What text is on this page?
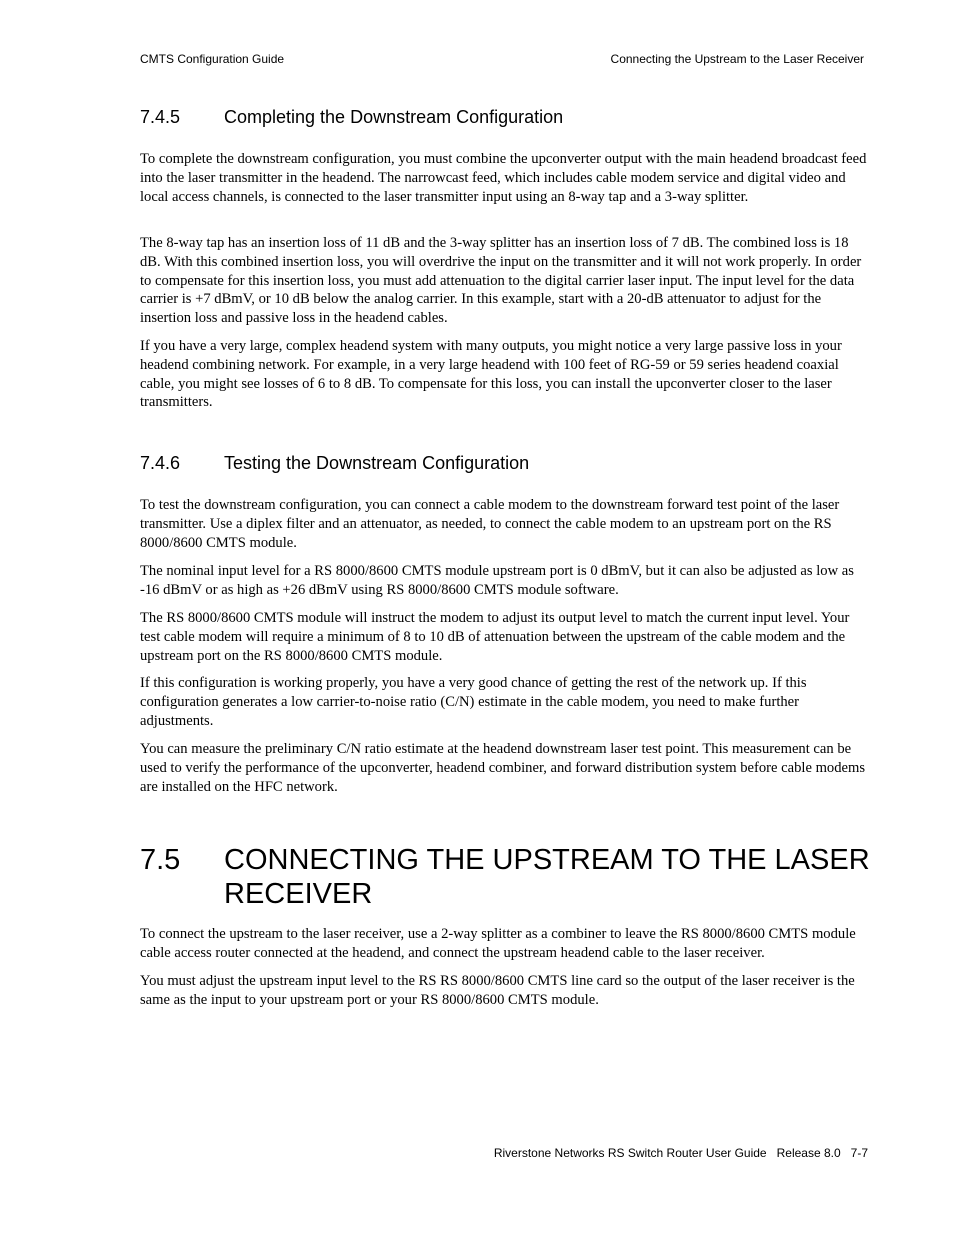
CMTS Configuration Guide	Connecting the Upstream to the Laser Receiver
7.4.5	Completing the Downstream Configuration

To complete the downstream configuration, you must combine the upconverter output with the main headend broadcast feed into the laser transmitter in the headend. The narrowcast feed, which includes cable modem service and digital video and local access channels, is connected to the laser transmitter input using an 8-way tap and a 3-way splitter.

The 8-way tap has an insertion loss of 11 dB and the 3-way splitter has an insertion loss of 7 dB. The combined loss is 18 dB. With this combined insertion loss, you will overdrive the input on the transmitter and it will not work properly. In order to compensate for this insertion loss, you must add attenuation to the digital carrier laser input. The input level for the data carrier is +7 dBmV, or 10 dB below the analog carrier. In this example, start with a 20-dB attenuator to adjust for the insertion loss and passive loss in the headend cables.

If you have a very large, complex headend system with many outputs, you might notice a very large passive loss in your headend combining network. For example, in a very large headend with 100 feet of RG-59 or 59 series headend coaxial cable, you might see losses of 6 to 8 dB. To compensate for this loss, you can install the upconverter closer to the laser transmitters.

7.4.6	Testing the Downstream Configuration

To test the downstream configuration, you can connect a cable modem to the downstream forward test point of the laser transmitter. Use a diplex filter and an attenuator, as needed, to connect the cable modem to an upstream port on the RS 8000/8600 CMTS module.

The nominal input level for a RS 8000/8600 CMTS module upstream port is 0 dBmV, but it can also be adjusted as low as -16 dBmV or as high as +26 dBmV using RS 8000/8600 CMTS module software.

The RS 8000/8600 CMTS module will instruct the modem to adjust its output level to match the current input level. Your test cable modem will require a minimum of 8 to 10 dB of attenuation between the upstream of the cable modem and the upstream port on the RS 8000/8600 CMTS module.

If this configuration is working properly, you have a very good chance of getting the rest of the network up. If this configuration generates a low carrier-to-noise ratio (C/N) estimate in the cable modem, you need to make further adjustments.

You can measure the preliminary C/N ratio estimate at the headend downstream laser test point. This measurement can be used to verify the performance of the upconverter, headend combiner, and forward distribution system before cable modems are installed on the HFC network.

7.5	CONNECTING THE UPSTREAM TO THE LASER RECEIVER

To connect the upstream to the laser receiver, use a 2-way splitter as a combiner to leave the RS 8000/8600 CMTS module cable access router connected at the headend, and connect the upstream headend cable to the laser receiver.

You must adjust the upstream input level to the RS RS 8000/8600 CMTS line card so the output of the laser receiver is the same as the input to your upstream port or your RS 8000/8600 CMTS module.

Riverstone Networks RS Switch Router User Guide   Release 8.0   7-7
